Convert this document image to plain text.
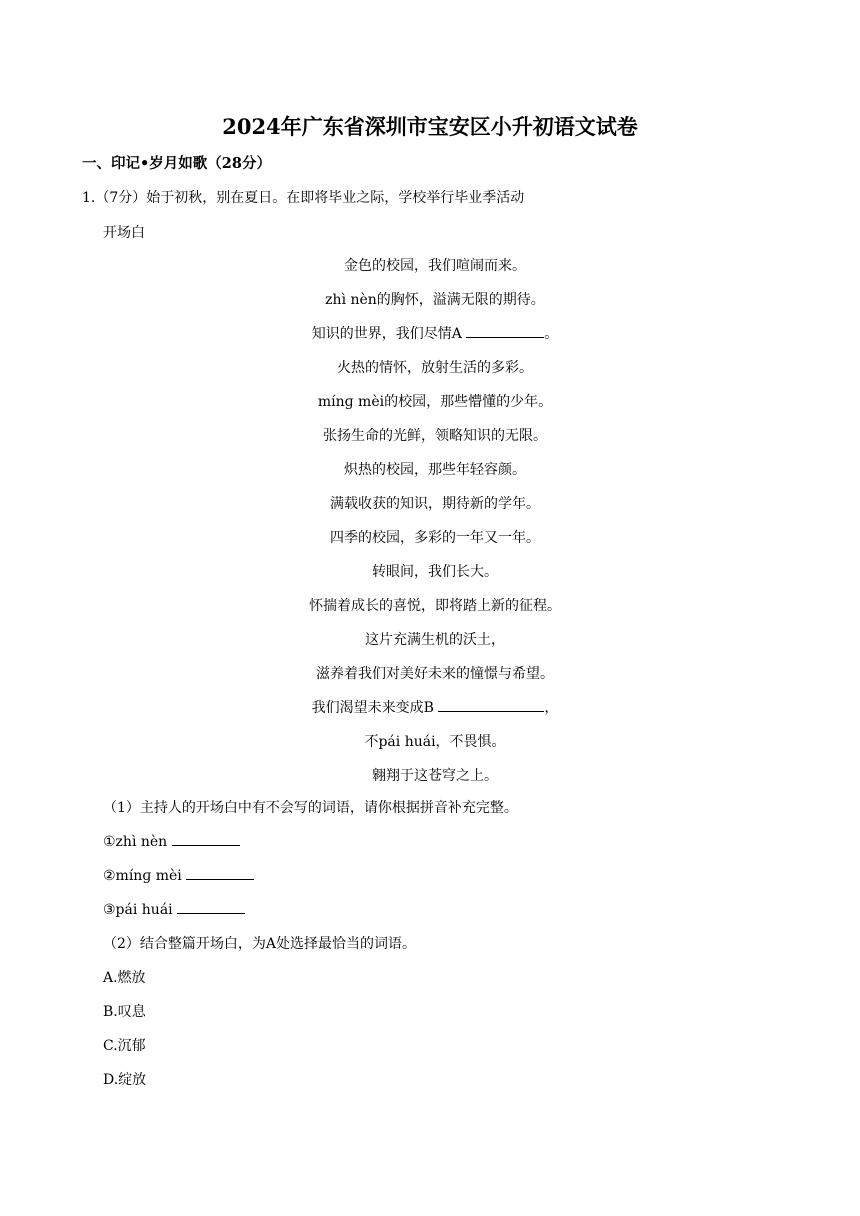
2024年广东省深圳市宝安区小升初语文试卷
一、印记•岁月如歌（28分）
1.（7分）始于初秋，别在夏日。在即将毕业之际，学校举行毕业季活动
开场白
金色的校园，我们喧闹而来。
zhì nèn的胸怀，溢满无限的期待。
知识的世界，我们尽情A	。
火热的情怀，放射生活的多彩。
mínɡ mèi的校园，那些懵懂的少年。
张扬生命的光鲜，领略知识的无限。
炽热的校园，那些年轻容颜。
满载收获的知识，期待新的学年。
四季的校园，多彩的一年又一年。
转眼间，我们长大。
怀揣着成长的喜悦，即将踏上新的征程。
这片充满生机的沃土，
滋养着我们对美好未来的憧憬与希望。
我们渴望未来变成B	，
不pái huái，不畏惧。
翱翔于这苍穹之上。
（1）主持人的开场白中有不会写的词语，请你根据拼音补充完整。
①zhì nèn
②mínɡ mèi
③pái huái
（2）结合整篇开场白，为A处选择最恰当的词语。
A.燃放
B.叹息
C.沉郁
D.绽放
